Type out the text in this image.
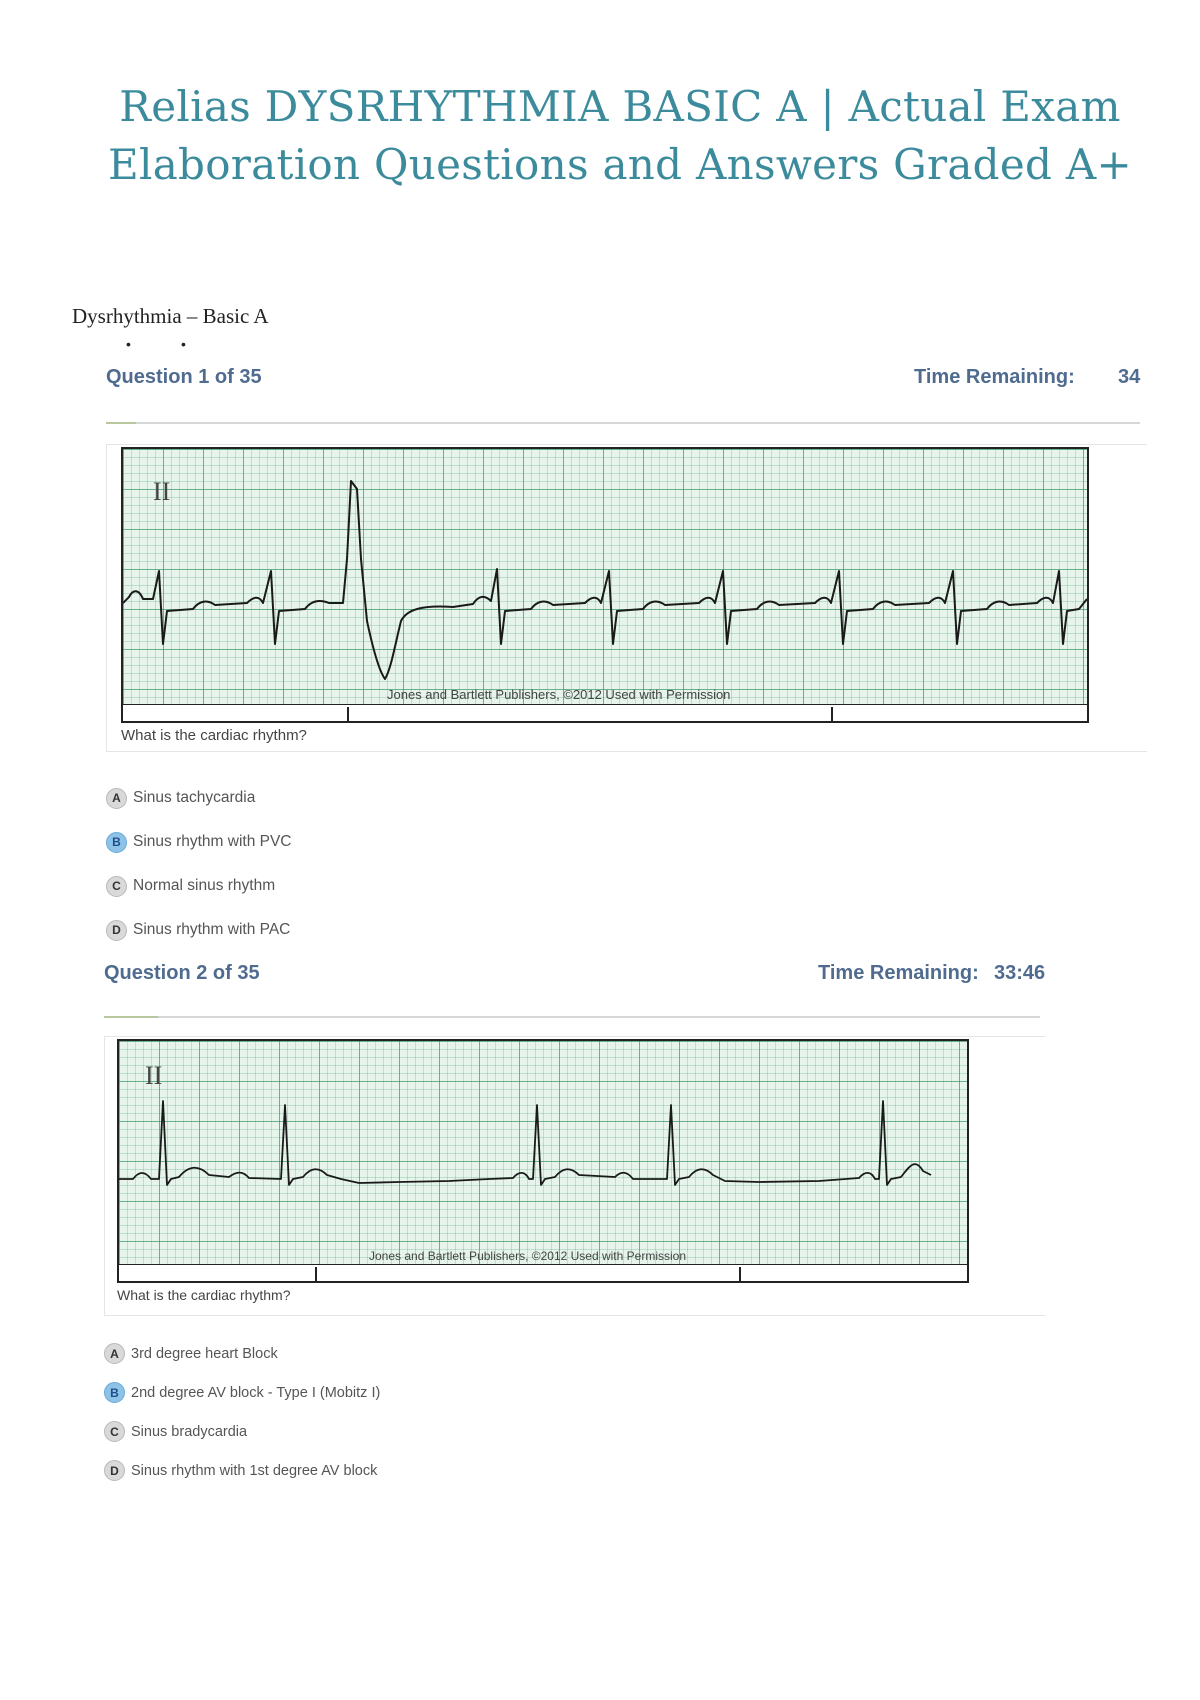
Relias DYSRHYTHMIA BASIC A | Actual Exam
Elaboration Questions and Answers Graded A+
Dysrhythmia – Basic A
•	•
Question 1 of 35	Time Remaining: 34
II
Jones and Bartlett Publishers, ©2012 Used with Permission
What is the cardiac rhythm?
A Sinus tachycardia
B Sinus rhythm with PVC
C Normal sinus rhythm
D Sinus rhythm with PAC
Question 2 of 35	Time Remaining: 33:46
II
Jones and Bartlett Publishers, ©2012 Used with Permission
What is the cardiac rhythm?
A 3rd degree heart Block
B 2nd degree AV block - Type I (Mobitz I)
C Sinus bradycardia
D Sinus rhythm with 1st degree AV block
